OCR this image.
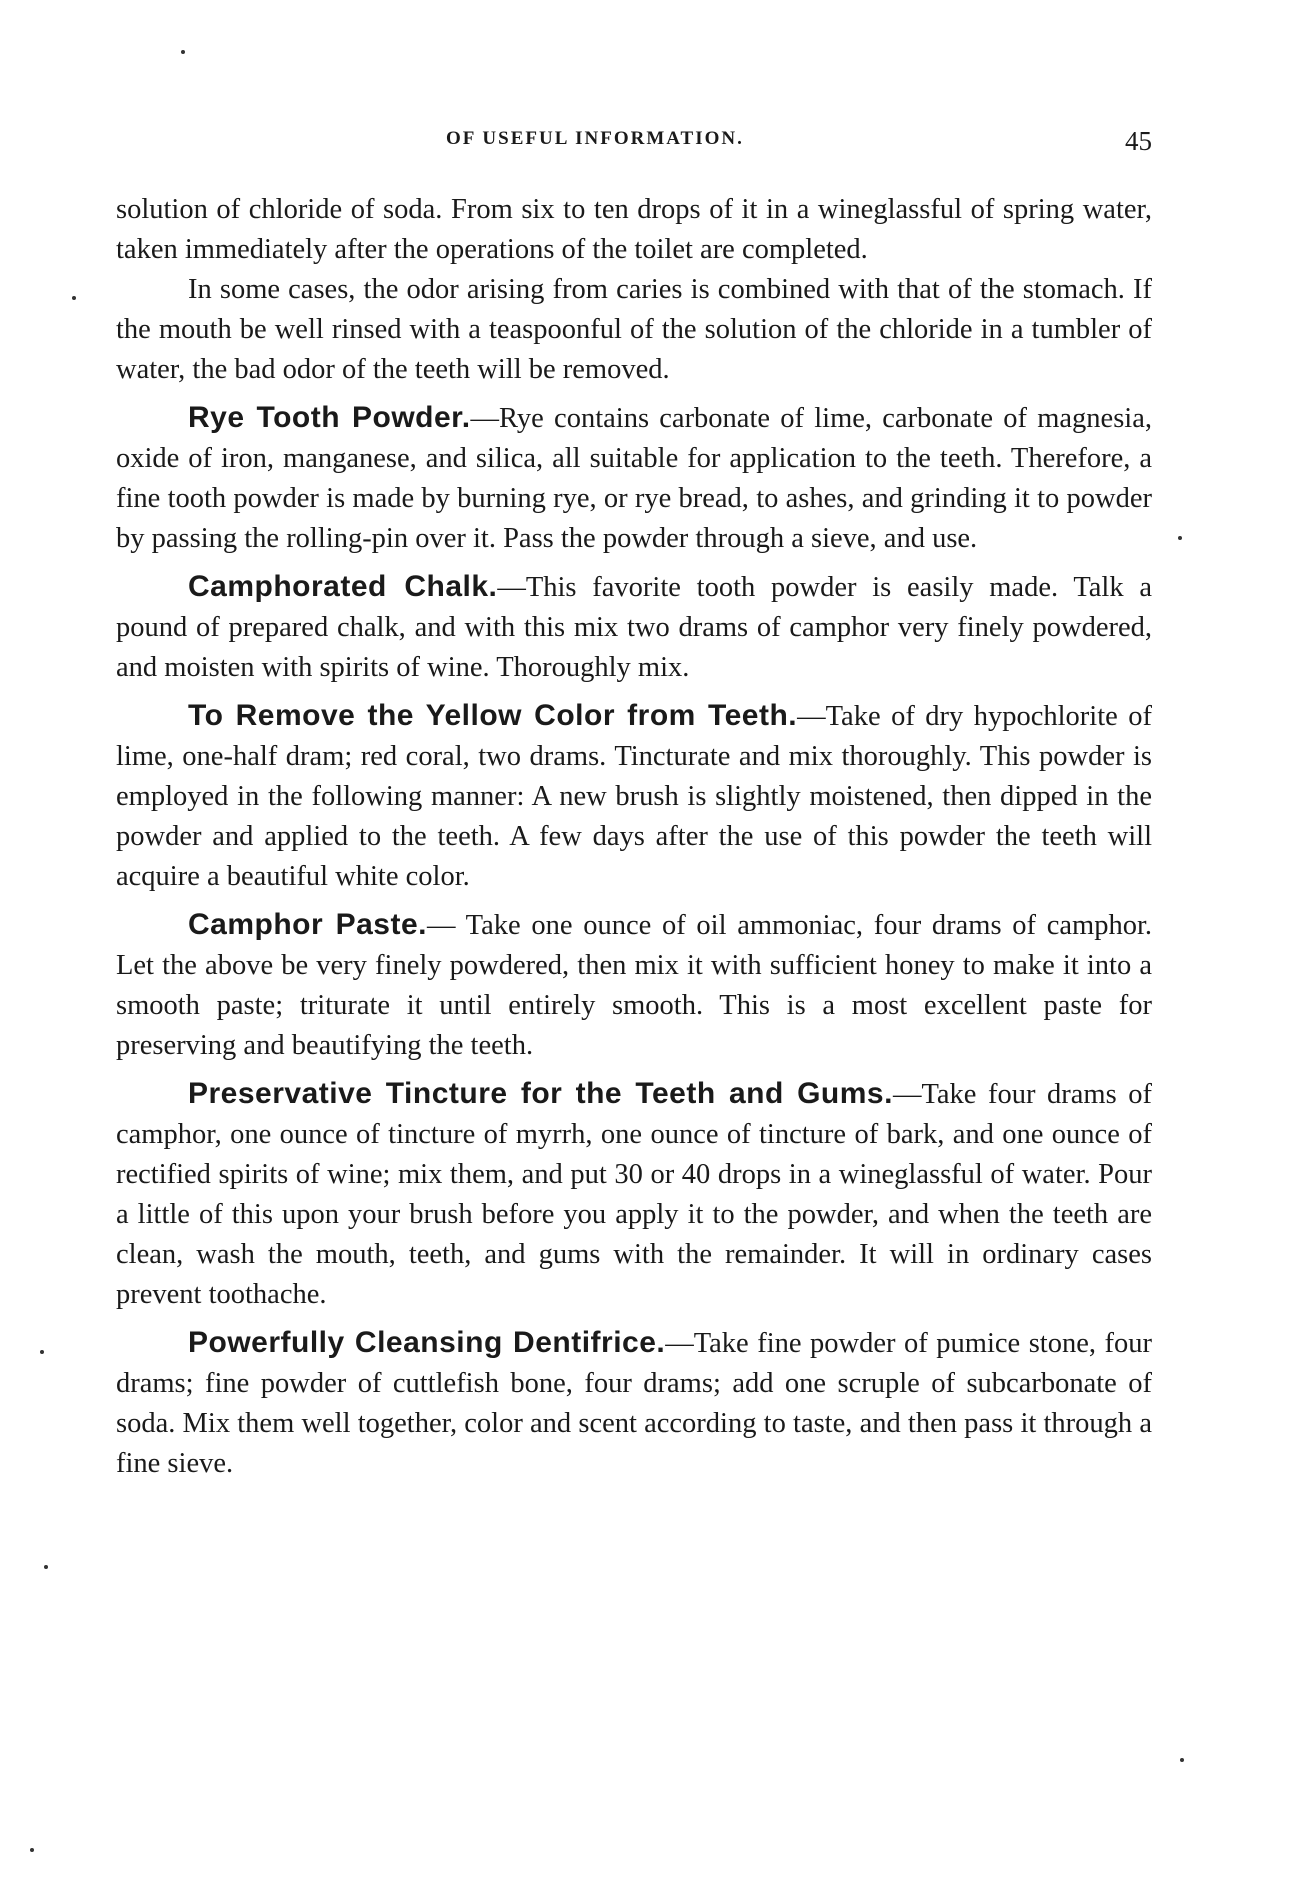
OF USEFUL INFORMATION.	45

solution of chloride of soda. From six to ten drops of it in a wineglassful of spring water, taken immediately after the operations of the toilet are completed.

In some cases, the odor arising from caries is combined with that of the stomach. If the mouth be well rinsed with a teaspoonful of the solution of the chloride in a tumbler of water, the bad odor of the teeth will be removed.

Rye Tooth Powder.—Rye contains carbonate of lime, carbonate of magnesia, oxide of iron, manganese, and silica, all suitable for application to the teeth. Therefore, a fine tooth powder is made by burning rye, or rye bread, to ashes, and grinding it to powder by passing the rolling-pin over it. Pass the powder through a sieve, and use.

Camphorated Chalk.—This favorite tooth powder is easily made. Talk a pound of prepared chalk, and with this mix two drams of camphor very finely powdered, and moisten with spirits of wine. Thoroughly mix.

To Remove the Yellow Color from Teeth.—Take of dry hypochlorite of lime, one-half dram; red coral, two drams. Tincturate and mix thoroughly. This powder is employed in the following manner: A new brush is slightly moistened, then dipped in the powder and applied to the teeth. A few days after the use of this powder the teeth will acquire a beautiful white color.

Camphor Paste.— Take one ounce of oil ammoniac, four drams of camphor. Let the above be very finely powdered, then mix it with sufficient honey to make it into a smooth paste; triturate it until entirely smooth. This is a most excellent paste for preserving and beautifying the teeth.

Preservative Tincture for the Teeth and Gums.—Take four drams of camphor, one ounce of tincture of myrrh, one ounce of tincture of bark, and one ounce of rectified spirits of wine; mix them, and put 30 or 40 drops in a wineglassful of water. Pour a little of this upon your brush before you apply it to the powder, and when the teeth are clean, wash the mouth, teeth, and gums with the remainder. It will in ordinary cases prevent toothache.

Powerfully Cleansing Dentifrice.—Take fine powder of pumice stone, four drams; fine powder of cuttlefish bone, four drams; add one scruple of subcarbonate of soda. Mix them well together, color and scent according to taste, and then pass it through a fine sieve.
